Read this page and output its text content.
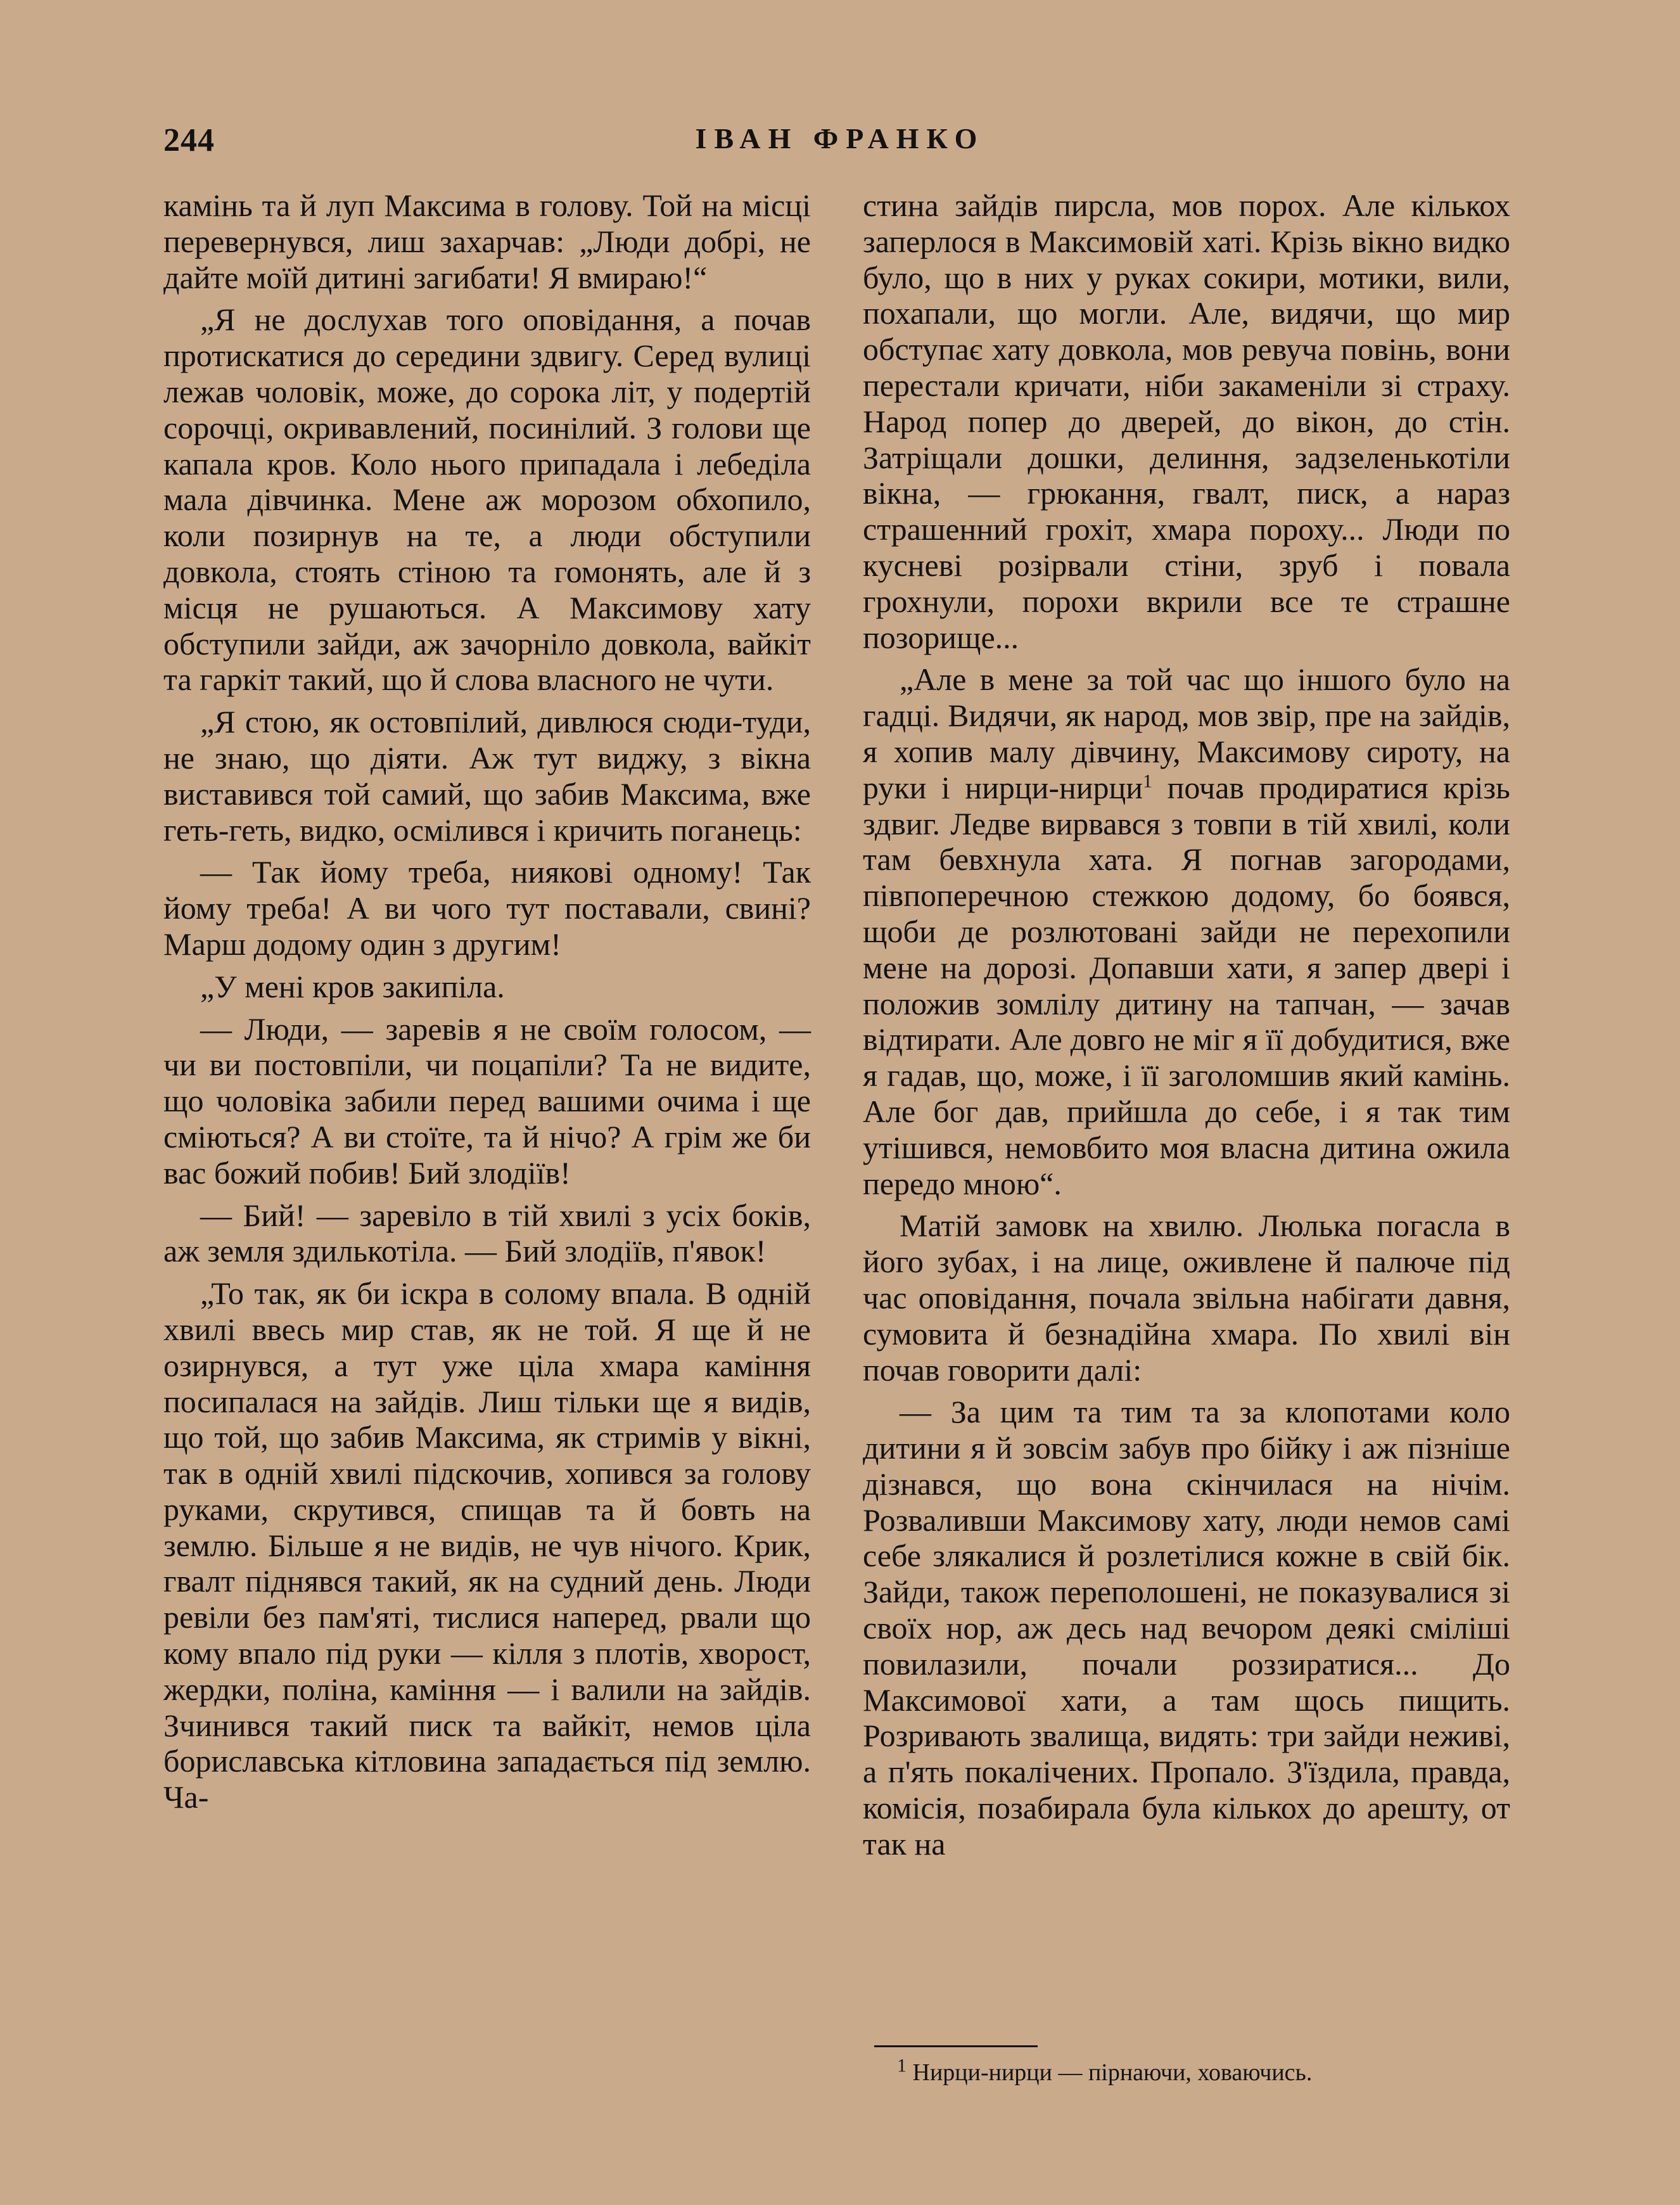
244	ІВАН ФРАНКО

камінь та й луп Максима в голову. Той на місці перевернувся, лиш захарчав: „Люди добрі, не дайте моїй дитині загибати! Я вмираю!“

„Я не дослухав того оповідання, а почав протискатися до середини здвигу. Серед вулиці лежав чоловік, може, до сорока літ, у подертій сорочці, окривавлений, посинілий. З голови ще капала кров. Коло нього припадала і лебеділа мала дівчинка. Мене аж морозом обхопило, коли позирнув на те, а люди обступили довкола, стоять стіною та гомонять, але й з місця не рушаються. А Максимову хату обступили зайди, аж зачорніло довкола, вайкіт та гаркіт такий, що й слова власного не чути.

„Я стою, як остовпілий, дивлюся сюди-туди, не знаю, що діяти. Аж тут виджу, з вікна виставився той самий, що забив Максима, вже геть-геть, видко, осмілився і кричить поганець:

— Так йому треба, ниякові одному! Так йому треба! А ви чого тут поставали, свині? Марш додому один з другим!

„У мені кров закипіла.

— Люди, — заревів я не своїм голосом, — чи ви постовпіли, чи поцапіли? Та не видите, що чоловіка забили перед вашими очима і ще сміються? А ви стоїте, та й нічо? А грім же би вас божий побив! Бий злодіїв!

— Бий! — заревіло в тій хвилі з усіх боків, аж земля здилькотіла. — Бий злодіїв, п'явок!

„То так, як би іскра в солому впала. В одній хвилі ввесь мир став, як не той. Я ще й не озирнувся, а тут уже ціла хмара каміння посипалася на зайдів. Лиш тільки ще я видів, що той, що забив Максима, як стримів у вікні, так в одній хвилі підскочив, хопився за голову руками, скрутився, спищав та й бовть на землю. Більше я не видів, не чув нічого. Крик, гвалт піднявся такий, як на судний день. Люди ревіли без пам'яті, тислися наперед, рвали що кому впало під руки — кілля з плотів, хворост, жердки, поліна, каміння — і валили на зайдів. Зчинився такий писк та вайкіт, немов ціла бориславська кітловина западається під землю. Ча-

стина зайдів пирсла, мов порох. Але кількох заперлося в Максимовій хаті. Крізь вікно видко було, що в них у руках сокири, мотики, вили, похапали, що могли. Але, видячи, що мир обступає хату довкола, мов ревуча повінь, вони перестали кричати, ніби закаменіли зі страху. Народ попер до дверей, до вікон, до стін. Затріщали дошки, делиння, задзеленькотіли вікна, — грюкання, гвалт, писк, а нараз страшенний грохіт, хмара пороху... Люди по кусневі розірвали стіни, зруб і повала грохнули, порохи вкрили все те страшне позорище...

„Але в мене за той час що іншого було на гадці. Видячи, як народ, мов звір, пре на зайдів, я хопив малу дівчину, Максимову сироту, на руки і нирци-нирци$^1$ почав продиратися крізь здвиг. Ледве вирвався з товпи в тій хвилі, коли там бевхнула хата. Я погнав загородами, півпоперечною стежкою додому, бо боявся, щоби де розлютовані зайди не перехопили мене на дорозі. Допавши хати, я запер двері і положив зомлілу дитину на тапчан, — зачав відтирати. Але довго не міг я її добудитися, вже я гадав, що, може, і її заголомшив який камінь. Але бог дав, прийшла до себе, і я так тим утішився, немовбито моя власна дитина ожила передо мною“.

Матій замовк на хвилю. Люлька погасла в його зубах, і на лице, оживлене й палюче під час оповідання, почала звільна набігати давня, сумовита й безнадійна хмара. По хвилі він почав говорити далі:

— За цим та тим та за клопотами коло дитини я й зовсім забув про бійку і аж пізніше дізнався, що вона скінчилася на нічім. Розваливши Максимову хату, люди немов самі себе злякалися й розлетілися кожне в свій бік. Зайди, також переполошені, не показувалися зі своїх нор, аж десь над вечором деякі сміліші повилазили, почали роззиратися... До Максимової хати, а там щось пищить. Розривають звалища, видять: три зайди неживі, а п'ять покалічених. Пропало. З'їздила, правда, комісія, позабирала була кількох до арешту, от так на

$^1$ Нирци-нирци — пірнаючи, ховаючись.
